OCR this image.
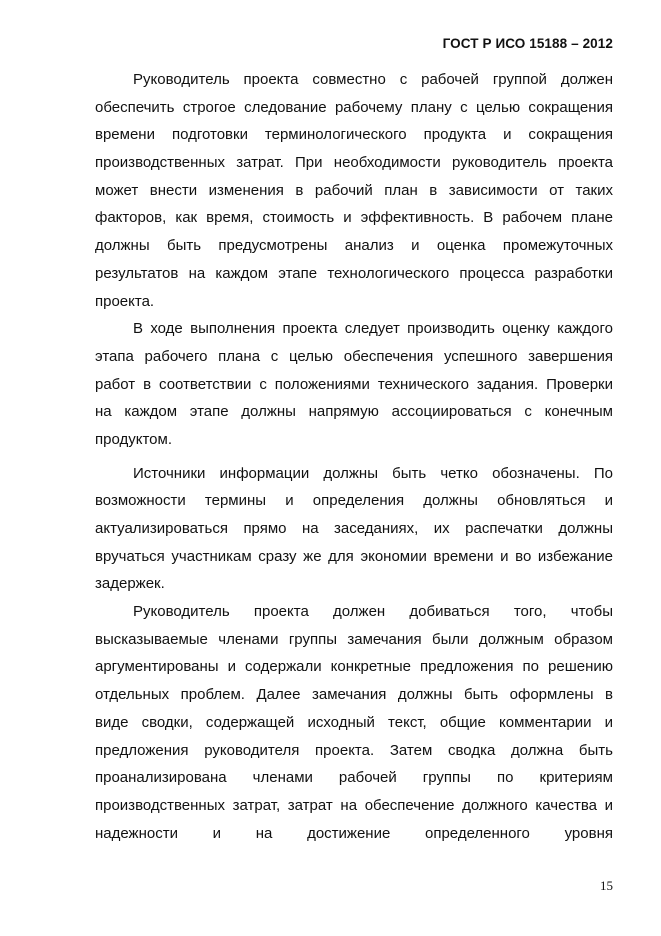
ГОСТ Р ИСО 15188 – 2012
Руководитель проекта совместно с рабочей группой должен
обеспечить строгое следование рабочему плану с целью сокращения
времени подготовки терминологического продукта и сокращения
производственных затрат. При необходимости руководитель проекта
может внести изменения в рабочий план в зависимости от таких
факторов, как время, стоимость и эффективность. В рабочем плане
должны быть предусмотрены анализ и оценка промежуточных
результатов на каждом этапе технологического процесса разработки
проекта.
В ходе выполнения проекта следует производить оценку каждого
этапа рабочего плана с целью обеспечения успешного завершения
работ в соответствии с положениями технического задания. Проверки
на каждом этапе должны напрямую ассоциироваться с конечным
продуктом.
Источники информации должны быть четко обозначены. По
возможности термины и определения должны обновляться и
актуализироваться прямо на заседаниях, их распечатки должны
вручаться участникам сразу же для экономии времени и во избежание
задержек.
Руководитель проекта должен добиваться того, чтобы
высказываемые членами группы замечания были должным образом
аргументированы и содержали конкретные предложения по решению
отдельных проблем. Далее замечания должны быть оформлены в
виде сводки, содержащей исходный текст, общие комментарии и
предложения руководителя проекта. Затем сводка должна быть
проанализирована членами рабочей группы по критериям
производственных затрат, затрат на обеспечение должного качества и
надежности и на достижение определенного уровня
15
